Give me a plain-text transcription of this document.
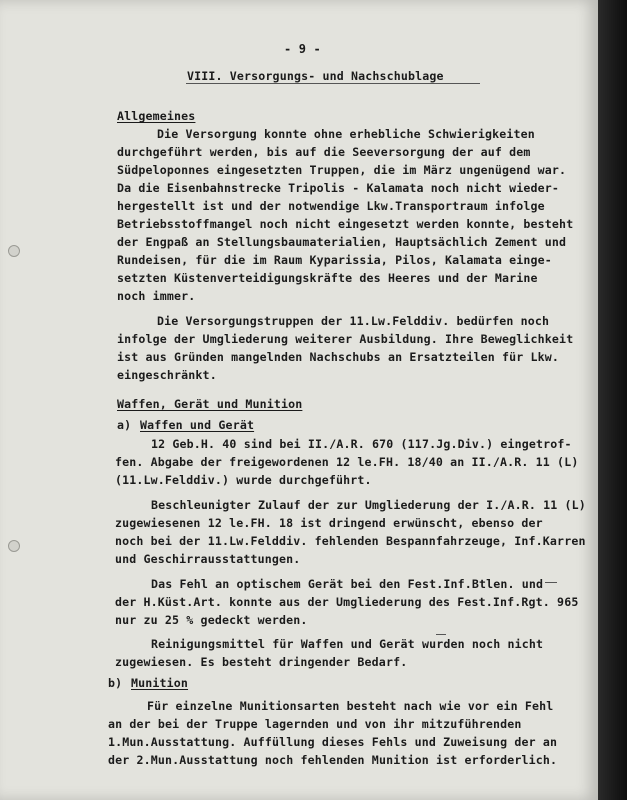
- 9 -
VIII. Versorgungs- und Nachschublage
Allgemeines
Die Versorgung konnte ohne erhebliche Schwierigkeiten
durchgeführt werden, bis auf die Seeversorgung der auf dem
Südpeloponnes eingesetzten Truppen, die im März ungenügend war.
Da die Eisenbahnstrecke Tripolis - Kalamata noch nicht wieder-
hergestellt ist und der notwendige Lkw.Transportraum infolge
Betriebsstoffmangel noch nicht eingesetzt werden konnte, besteht
der Engpaß an Stellungsbaumaterialien, Hauptsächlich Zement und
Rundeisen, für die im Raum Kyparissia, Pilos, Kalamata einge-
setzten Küstenverteidigungskräfte des Heeres und der Marine
noch immer.
Die Versorgungstruppen der 11.Lw.Felddiv. bedürfen noch
infolge der Umgliederung weiterer Ausbildung. Ihre Beweglichkeit
ist aus Gründen mangelnden Nachschubs an Ersatzteilen für Lkw.
eingeschränkt.
Waffen, Gerät und Munition
a) Waffen und Gerät
12 Geb.H. 40 sind bei II./A.R. 670 (117.Jg.Div.) eingetrof-
fen. Abgabe der freigewordenen 12 le.FH. 18/40 an II./A.R. 11 (L)
(11.Lw.Felddiv.) wurde durchgeführt.
Beschleunigter Zulauf der zur Umgliederung der I./A.R. 11 (L)
zugewiesenen 12 le.FH. 18 ist dringend erwünscht, ebenso der
noch bei der 11.Lw.Felddiv. fehlenden Bespannfahrzeuge, Inf.Karren
und Geschirrausstattungen.
Das Fehl an optischem Gerät bei den Fest.Inf.Btlen. und
der H.Küst.Art. konnte aus der Umgliederung des Fest.Inf.Rgt. 965
nur zu 25 % gedeckt werden.
Reinigungsmittel für Waffen und Gerät wurden noch nicht
zugewiesen. Es besteht dringender Bedarf.
b) Munition
Für einzelne Munitionsarten besteht nach wie vor ein Fehl
an der bei der Truppe lagernden und von ihr mitzuführenden
1.Mun.Ausstattung. Auffüllung dieses Fehls und Zuweisung der an
der 2.Mun.Ausstattung noch fehlenden Munition ist erforderlich.
